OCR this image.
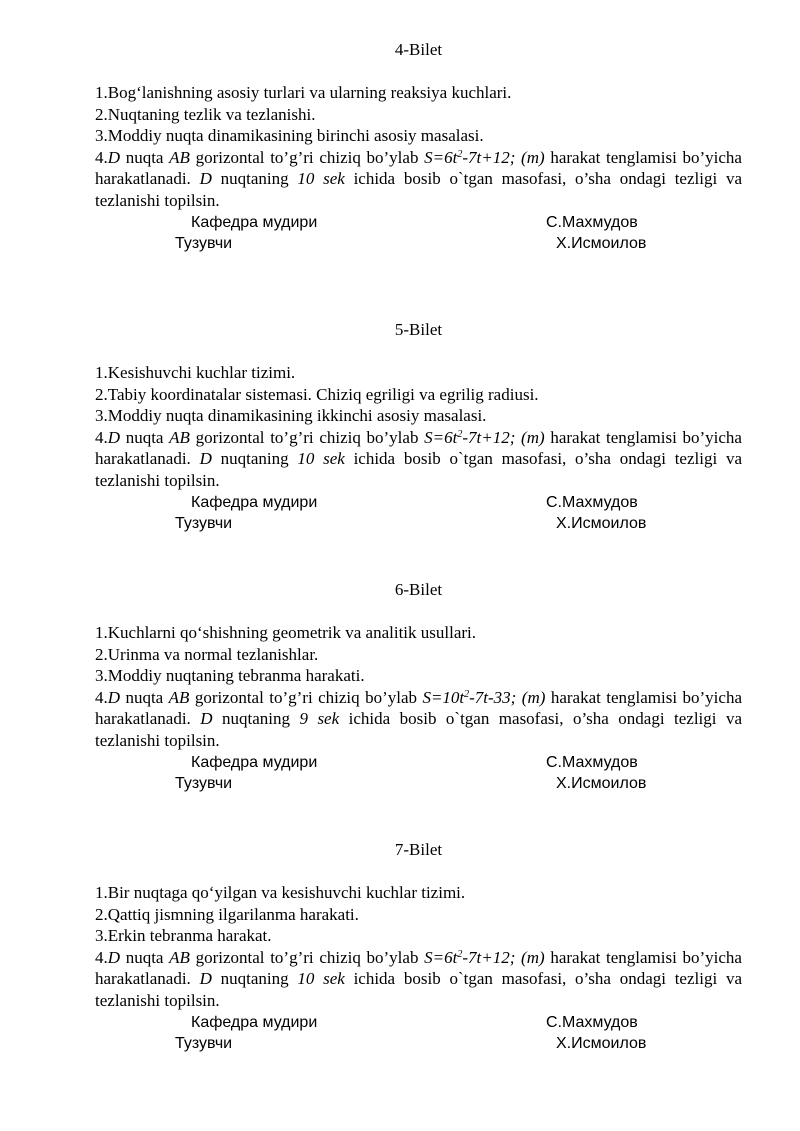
4-Bilet
1.Bog‘lanishning asosiy turlari va ularning reaksiya kuchlari.
2.Nuqtaning tezlik va tezlanishi.
3.Moddiy nuqta dinamikasining birinchi asosiy masalasi.
4.D nuqta AB gorizontal to’g’ri chiziq bo’ylab $S=6t^2-7t+12$; (m) harakat tenglamisi bo’yicha harakatlanadi. D nuqtaning 10 sek ichida bosib o`tgan masofasi, o’sha ondagi tezligi va tezlanishi topilsin.
Кафедра мудири	С.Махмудов
Тузувчи	Х.Исмоилов
5-Bilet
1.Kesishuvchi kuchlar tizimi.
2.Tabiy koordinatalar sistemasi. Chiziq egriligi va egrilig radiusi.
3.Moddiy nuqta dinamikasining ikkinchi asosiy masalasi.
4.D nuqta AB gorizontal to’g’ri chiziq bo’ylab $S=6t^2-7t+12$; (m) harakat tenglamisi bo’yicha harakatlanadi. D nuqtaning 10 sek ichida bosib o`tgan masofasi, o’sha ondagi tezligi va tezlanishi topilsin.
Кафедра мудири	С.Махмудов
Тузувчи	Х.Исмоилов
6-Bilet
1.Kuchlarni qo‘shishning geometrik va analitik usullari.
2.Urinma va normal tezlanishlar.
3.Moddiy nuqtaning tebranma harakati.
4.D nuqta AB gorizontal to’g’ri chiziq bo’ylab $S=10t^2-7t-33$; (m) harakat tenglamisi bo’yicha harakatlanadi. D nuqtaning 9 sek ichida bosib o`tgan masofasi, o’sha ondagi tezligi va tezlanishi topilsin.
Кафедра мудири	С.Махмудов
Тузувчи	Х.Исмоилов
7-Bilet
1.Bir nuqtaga qo‘yilgan va kesishuvchi kuchlar tizimi.
2.Qattiq jismning ilgarilanma harakati.
3.Erkin tebranma harakat.
4.D nuqta AB gorizontal to’g’ri chiziq bo’ylab $S=6t^2-7t+12$; (m) harakat tenglamisi bo’yicha harakatlanadi. D nuqtaning 10 sek ichida bosib o`tgan masofasi, o’sha ondagi tezligi va tezlanishi topilsin.
Кафедра мудири	С.Махмудов
Тузувчи	Х.Исмоилов
